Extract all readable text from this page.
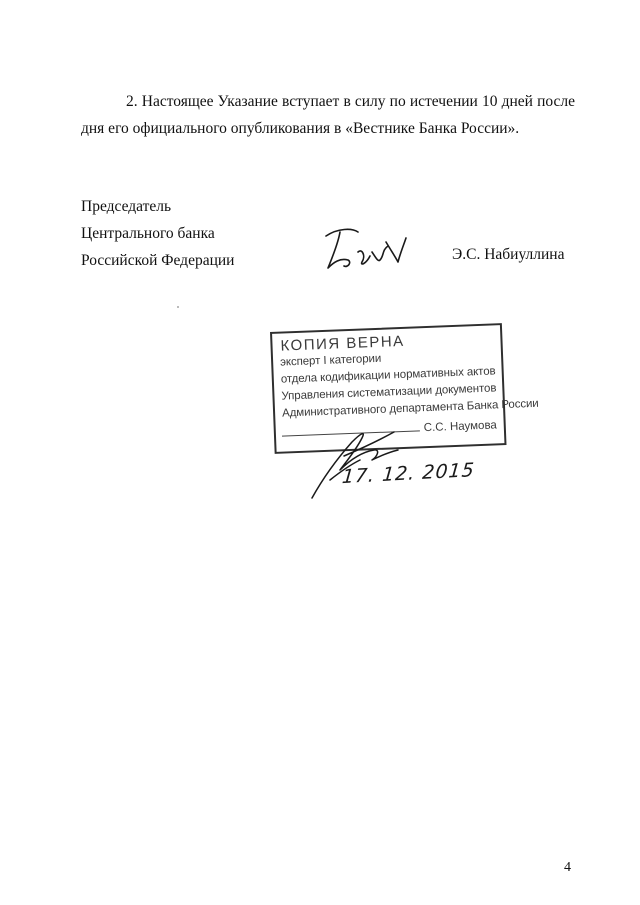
2. Настоящее Указание вступает в силу по истечении 10 дней после
дня его официального опубликования в «Вестнике Банка России».
Председатель
Центрального банка
Российской Федерации	Э.С. Набиуллина
КОПИЯ ВЕРНА
эксперт I категории
отдела кодификации нормативных актов
Управления систематизации документов
Административного департамента Банка России
С.С. Наумова
17. 12. 2015
4
